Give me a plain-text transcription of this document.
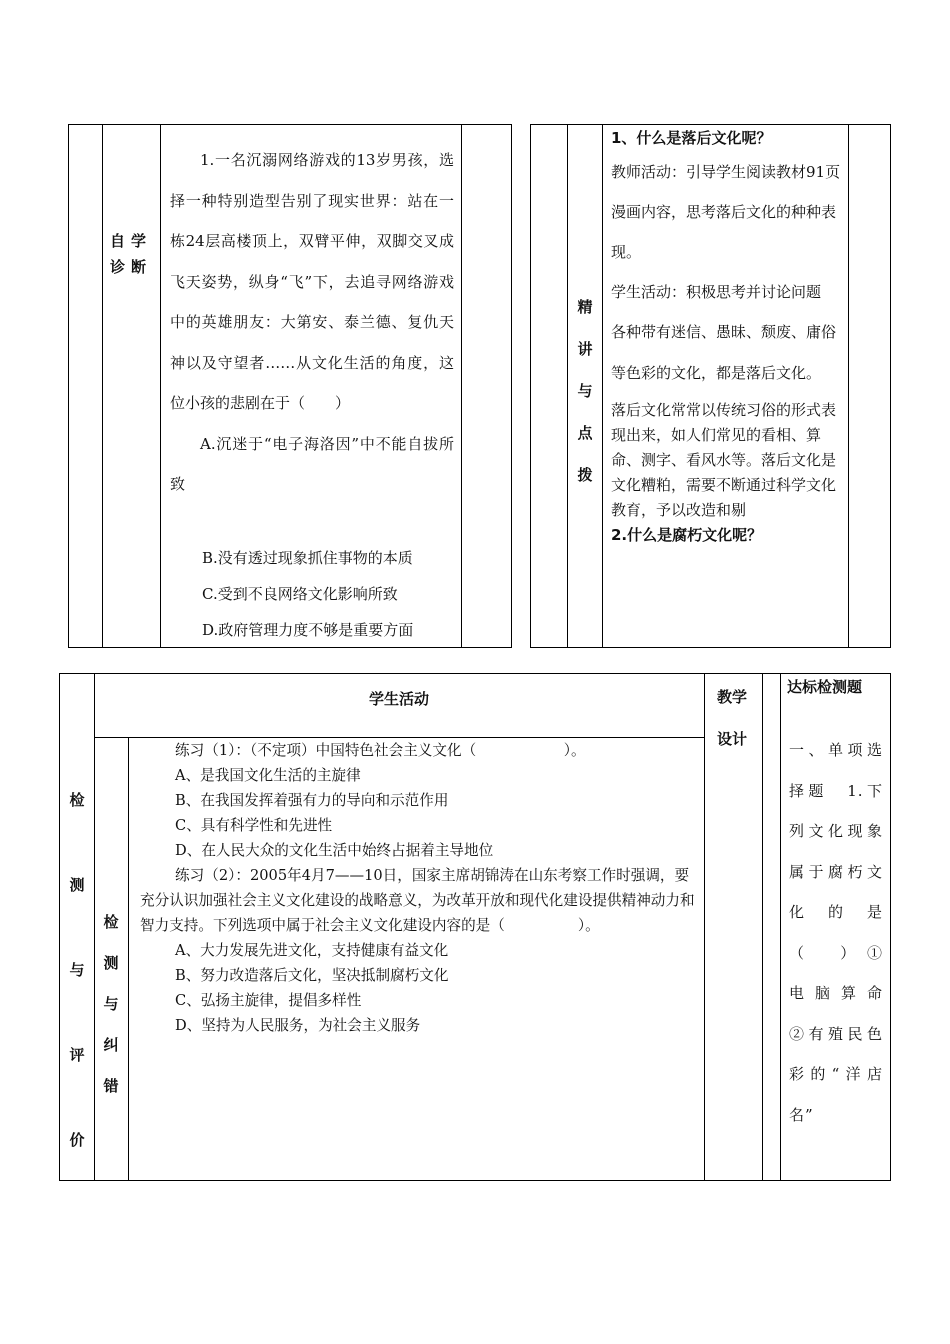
自学诊断

1.一名沉溺网络游戏的13岁男孩，选择一种特别造型告别了现实世界：站在一栋24层高楼顶上，双臂平伸，双脚交叉成飞天姿势，纵身“飞”下，去追寻网络游戏中的英雄朋友：大第安、泰兰德、复仇天神以及守望者……从文化生活的角度，这位小孩的悲剧在于（　　）

A.沉迷于“电子海洛因”中不能自拔所致

B.没有透过现象抓住事物的本质

C.受到不良网络文化影响所致

D.政府管理力度不够是重要方面

精讲与点拨

1、什么是落后文化呢？

教师活动：引导学生阅读教材91页漫画内容，思考落后文化的种种表现。

学生活动：积极思考并讨论问题

各种带有迷信、愚昧、颓废、庸俗等色彩的文化，都是落后文化。

落后文化常常以传统习俗的形式表现出来，如人们常见的看相、算命、测字、看风水等。落后文化是文化糟粕，需要不断通过科学文化教育，予以改造和剔

2.什么是腐朽文化呢？

检测与评价
检测与纠错
学生活动	教学设计
达标检测题

练习（1）：（不定项）中国特色社会主义文化（　　　　　　）。

A、是我国文化生活的主旋律

B、在我国发挥着强有力的导向和示范作用

C、具有科学性和先进性

D、在人民大众的文化生活中始终占据着主导地位

练习（2）：2005年4月7——10日，国家主席胡锦涛在山东考察工作时强调，要充分认识加强社会主义文化建设的战略意义，为改革开放和现代化建设提供精神动力和智力支持。下列选项中属于社会主义文化建设内容的是（　　　　　）。

A、大力发展先进文化，支持健康有益文化

B、努力改造落后文化，坚决抵制腐朽文化

C、弘扬主旋律，提倡多样性

D、坚持为人民服务，为社会主义服务

一、单项选择题　1.下列文化现象属于腐朽文化的是（　　）　①电脑算命　②有殖民色彩的“洋店名”
